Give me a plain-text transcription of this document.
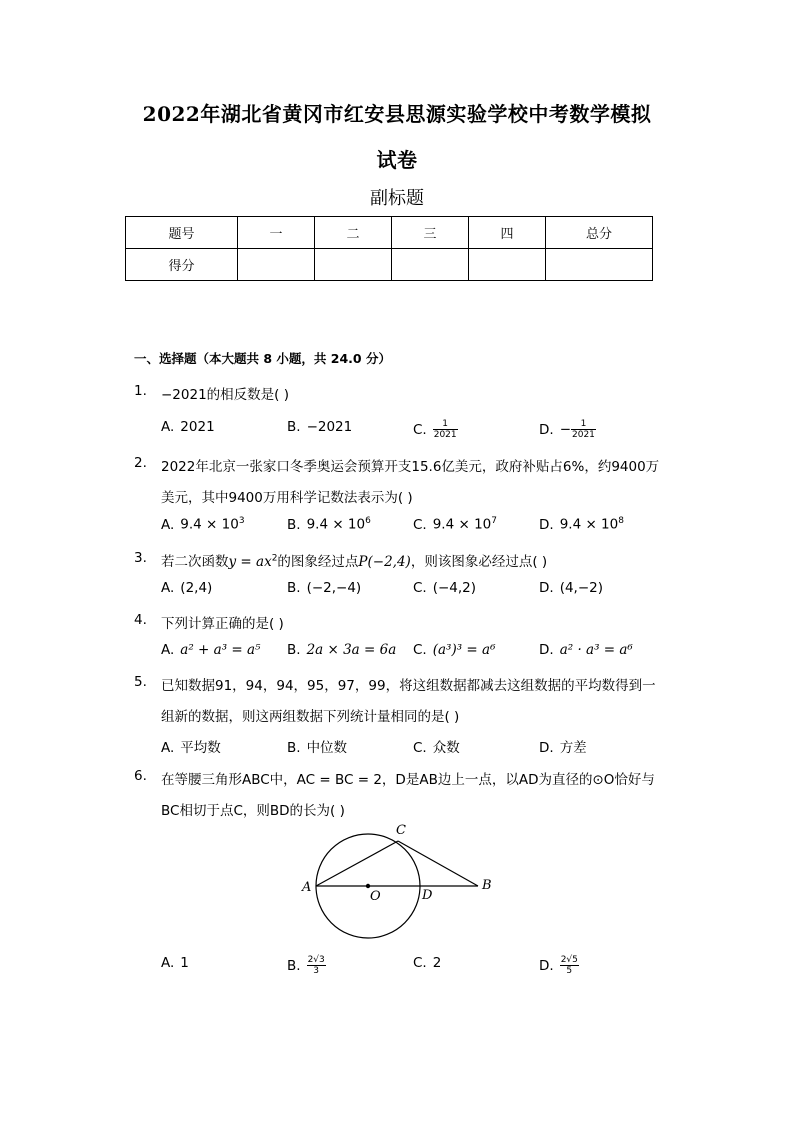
2022年湖北省黄冈市红安县思源实验学校中考数学模拟
试卷
副标题
题号	一	二	三	四	总分
得分					
一、选择题（本大题共 8 小题，共 24.0 分）
1. −2021的相反数是( )
A. 2021	B. −2021	C. $\frac{1}{2021}$	D. − $\frac{1}{2021}$
2. 2022年北京一张家口冬季奥运会预算开支15.6亿美元，政府补贴占6%，约9400万
美元，其中9400万用科学记数法表示为( )
A. $9.4 \times 10^3$	B. $9.4 \times 10^6$	C. $9.4 \times 10^7$	D. $9.4 \times 10^8$
3. 若二次函数$y = ax^2$的图象经过点P(−2,4)，则该图象必经过点( )
A. (2,4)	B. (−2,−4)	C. (−4,2)	D. (4,−2)
4. 下列计算正确的是( )
A. a² + a³ = a⁵ B. 2a × 3a = 6a C. (a³)³ = a⁶	D. a² · a³ = a⁶
5. 已知数据91，94，94，95，97，99，将这组数据都减去这组数据的平均数得到一
组新的数据，则这两组数据下列统计量相同的是( )
A. 平均数	B. 中位数	C. 众数	D. 方差
6. 在等腰三角形ABC中，AC = BC = 2，D是AB边上一点，以AD为直径的⊙O恰好与
BC相切于点C，则BD的长为( )
A	B
C
D
O
A. 1	B. $\frac{2√3}{3}$	C. 2	D. $\frac{2√5}{5}$
